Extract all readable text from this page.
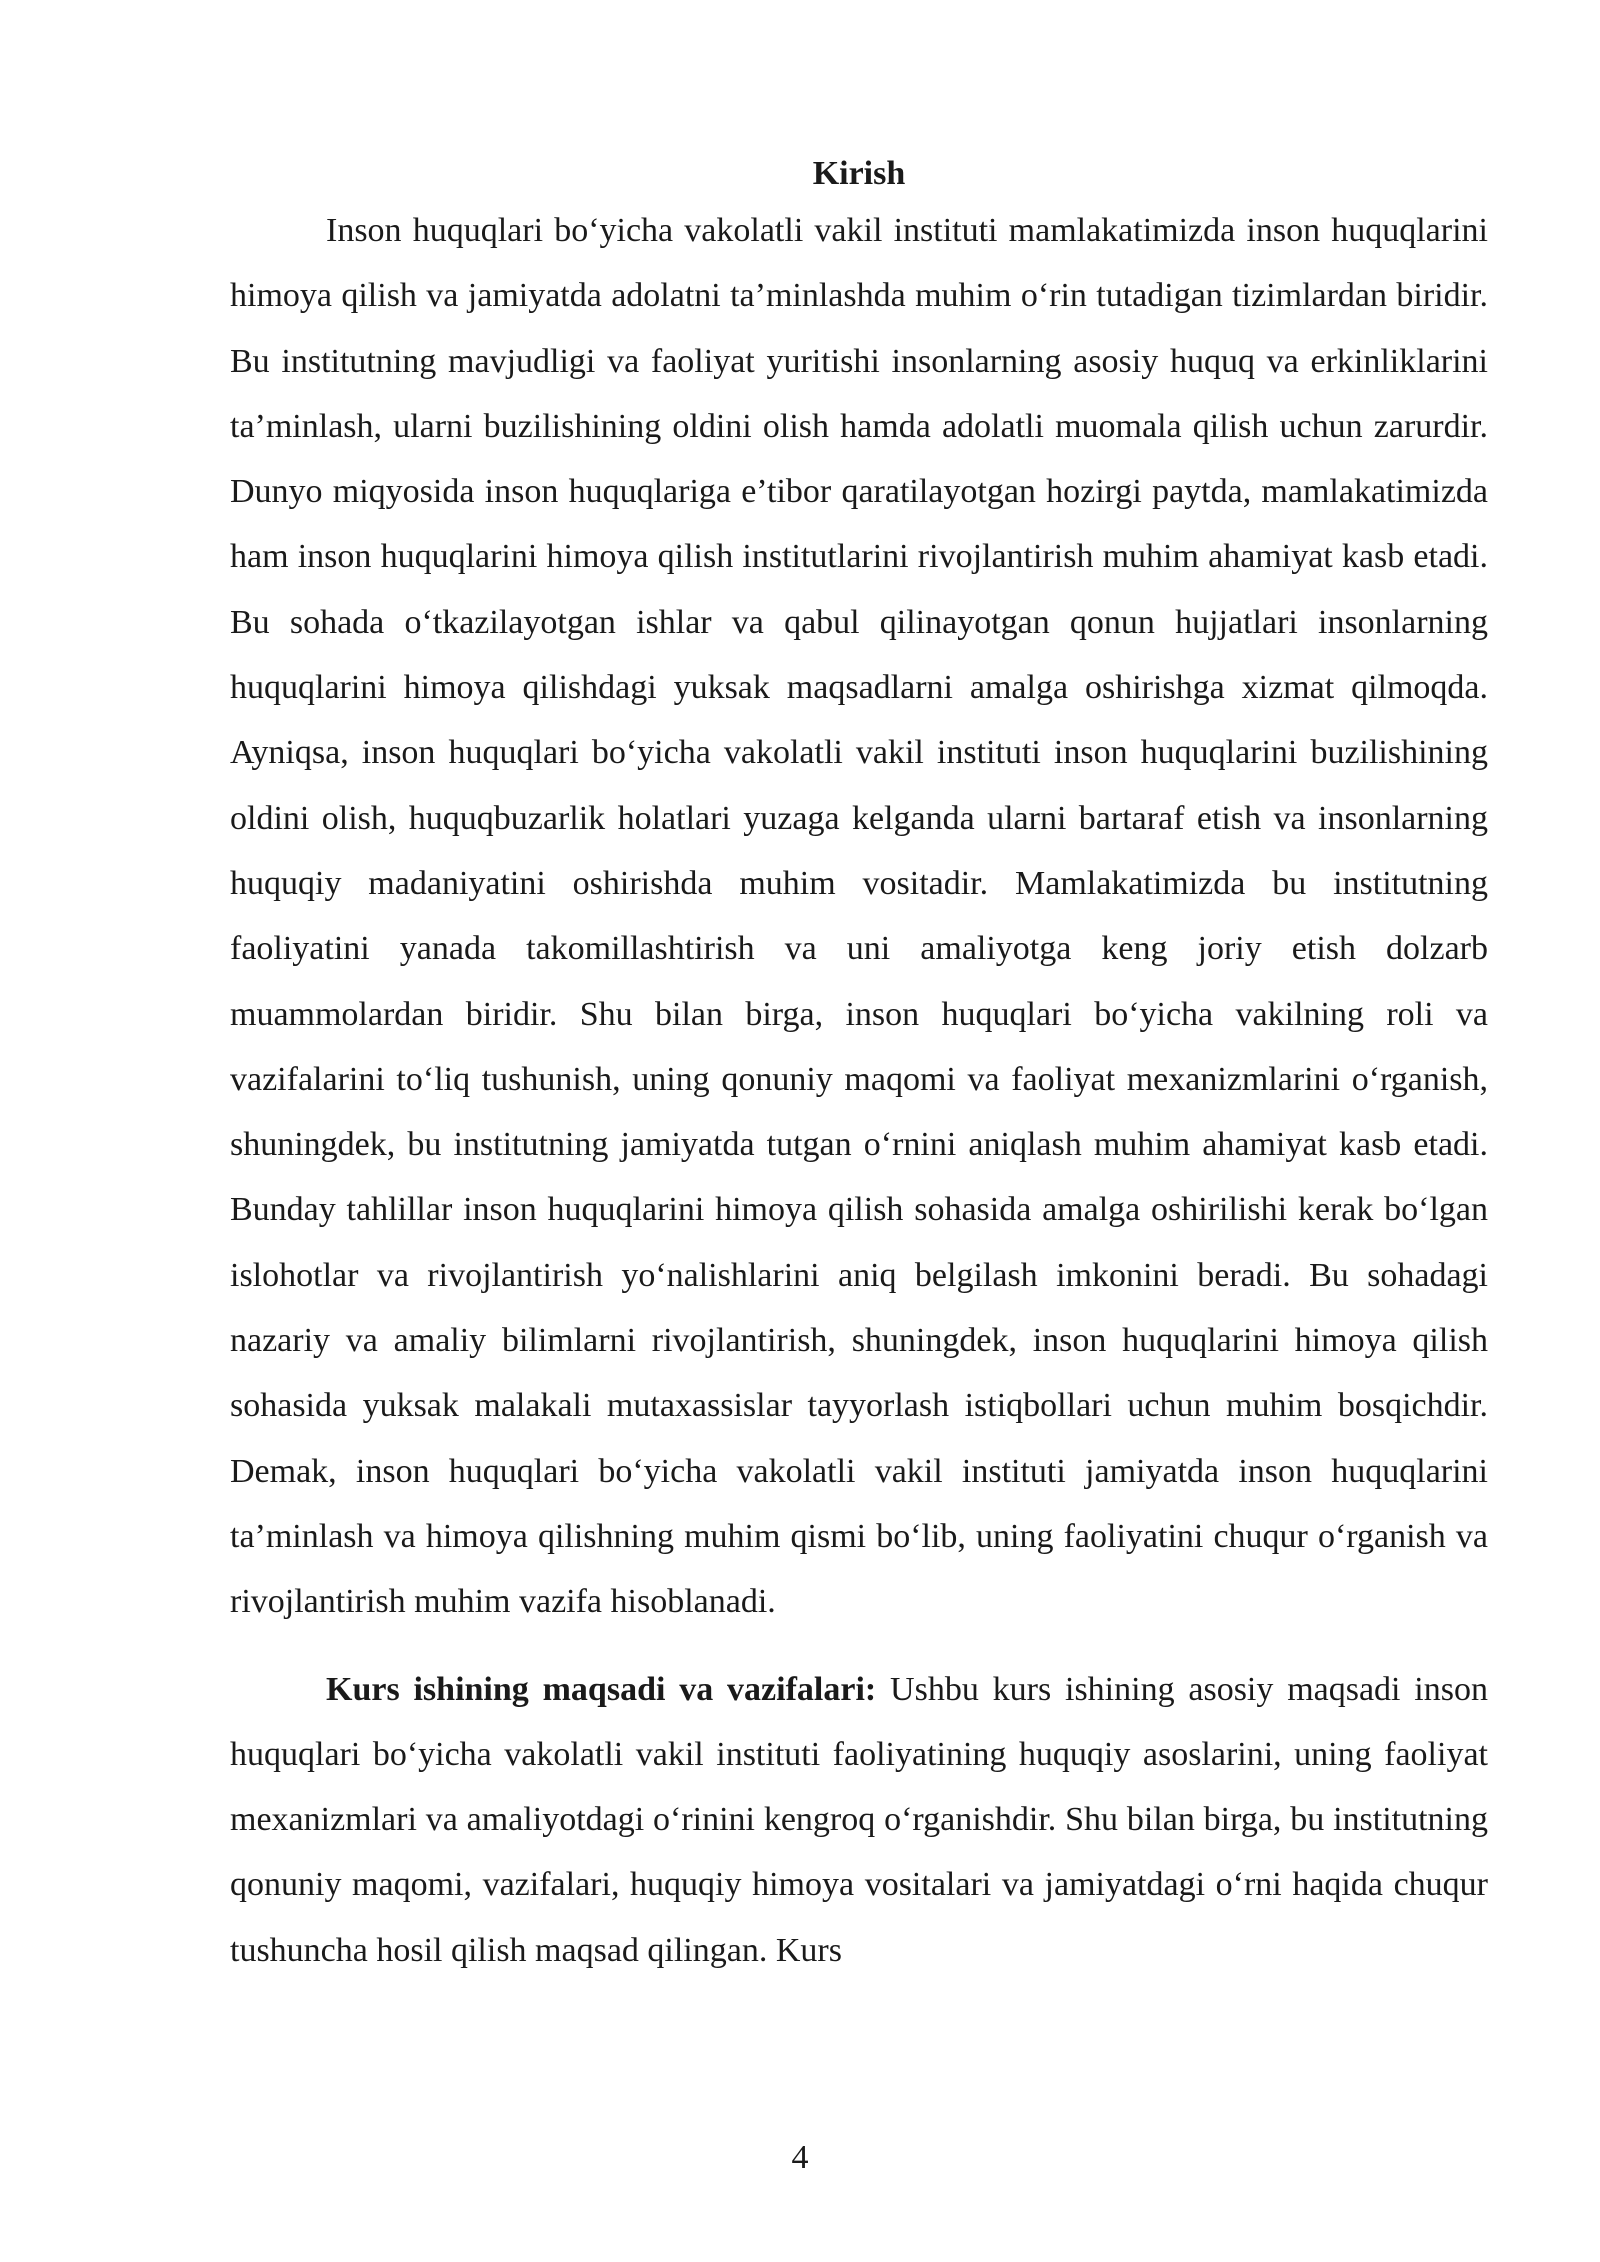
Kirish

Inson huquqlari bo‘yicha vakolatli vakil instituti mamlakatimizda inson huquqlarini himoya qilish va jamiyatda adolatni ta’minlashda muhim o‘rin tutadigan tizimlardan biridir. Bu institutning mavjudligi va faoliyat yuritishi insonlarning asosiy huquq va erkinliklarini ta’minlash, ularni buzilishining oldini olish hamda adolatli muomala qilish uchun zarurdir. Dunyo miqyosida inson huquqlariga e’tibor qaratilayotgan hozirgi paytda, mamlakatimizda ham inson huquqlarini himoya qilish institutlarini rivojlantirish muhim ahamiyat kasb etadi. Bu sohada o‘tkazilayotgan ishlar va qabul qilinayotgan qonun hujjatlari insonlarning huquqlarini himoya qilishdagi yuksak maqsadlarni amalga oshirishga xizmat qilmoqda. Ayniqsa, inson huquqlari bo‘yicha vakolatli vakil instituti inson huquqlarini buzilishining oldini olish, huquqbuzarlik holatlari yuzaga kelganda ularni bartaraf etish va insonlarning huquqiy madaniyatini oshirishda muhim vositadir. Mamlakatimizda bu institutning faoliyatini yanada takomillashtirish va uni amaliyotga keng joriy etish dolzarb muammolardan biridir. Shu bilan birga, inson huquqlari bo‘yicha vakilning roli va vazifalarini to‘liq tushunish, uning qonuniy maqomi va faoliyat mexanizmlarini o‘rganish, shuningdek, bu institutning jamiyatda tutgan o‘rnini aniqlash muhim ahamiyat kasb etadi. Bunday tahlillar inson huquqlarini himoya qilish sohasida amalga oshirilishi kerak bo‘lgan islohotlar va rivojlantirish yo‘nalishlarini aniq belgilash imkonini beradi. Bu sohadagi nazariy va amaliy bilimlarni rivojlantirish, shuningdek, inson huquqlarini himoya qilish sohasida yuksak malakali mutaxassislar tayyorlash istiqbollari uchun muhim bosqichdir. Demak, inson huquqlari bo‘yicha vakolatli vakil instituti jamiyatda inson huquqlarini ta’minlash va himoya qilishning muhim qismi bo‘lib, uning faoliyatini chuqur o‘rganish va rivojlantirish muhim vazifa hisoblanadi.

Kurs ishining maqsadi va vazifalari: Ushbu kurs ishining asosiy maqsadi inson huquqlari bo‘yicha vakolatli vakil instituti faoliyatining huquqiy asoslarini, uning faoliyat mexanizmlari va amaliyotdagi o‘rinini kengroq o‘rganishdir. Shu bilan birga, bu institutning qonuniy maqomi, vazifalari, huquqiy himoya vositalari va jamiyatdagi o‘rni haqida chuqur tushuncha hosil qilish maqsad qilingan. Kurs

4
